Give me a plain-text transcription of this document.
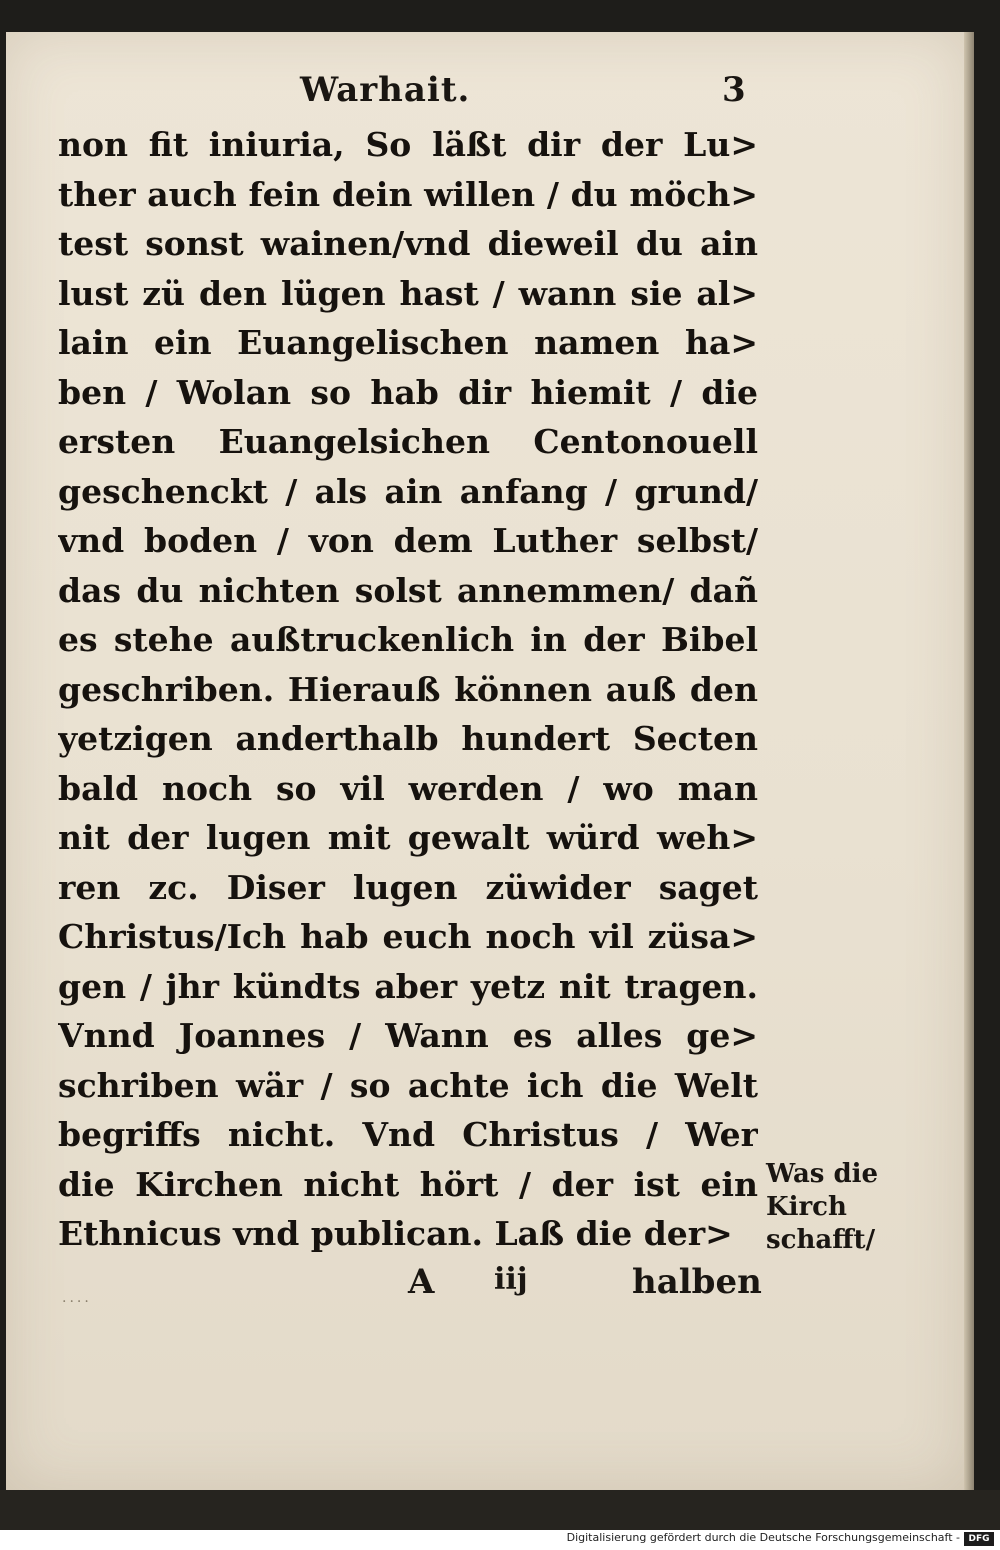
Warhait.	3
non fit iniuria, So läßt dir der Lu>
ther auch fein dein willen / du möch>
test sonst wainen/vnd dieweil du ain
lust zü den lügen hast / wann sie al>
lain ein Euangelischen namen ha>
ben / Wolan so hab dir hiemit / die
ersten Euangelsichen Centonouell
geschenckt / als ain anfang / grund/
vnd boden / von dem Luther selbst/
das du nichten solst annemmen/ dañ
es stehe außtruckenlich in der Bibel
geschriben. Hierauß können auß den
yetzigen anderthalb hundert Secten
bald noch so vil werden / wo man
nit der lugen mit gewalt würd weh>
ren zc. Diser lugen züwider saget
Christus/Ich hab euch noch vil züsa>
gen / jhr kündts aber yetz nit tragen.
Vnnd Joannes / Wann es alles ge>
schriben wär / so achte ich die Welt
begriffs nicht. Vnd Christus / Wer
die Kirchen nicht hört / der ist ein
Ethnicus vnd publican. Laß die der>
Was die
Kirch
schafft/
A iij	halben
....
Digitalisierung gefördert durch die Deutsche Forschungsgemeinschaft - DFG
